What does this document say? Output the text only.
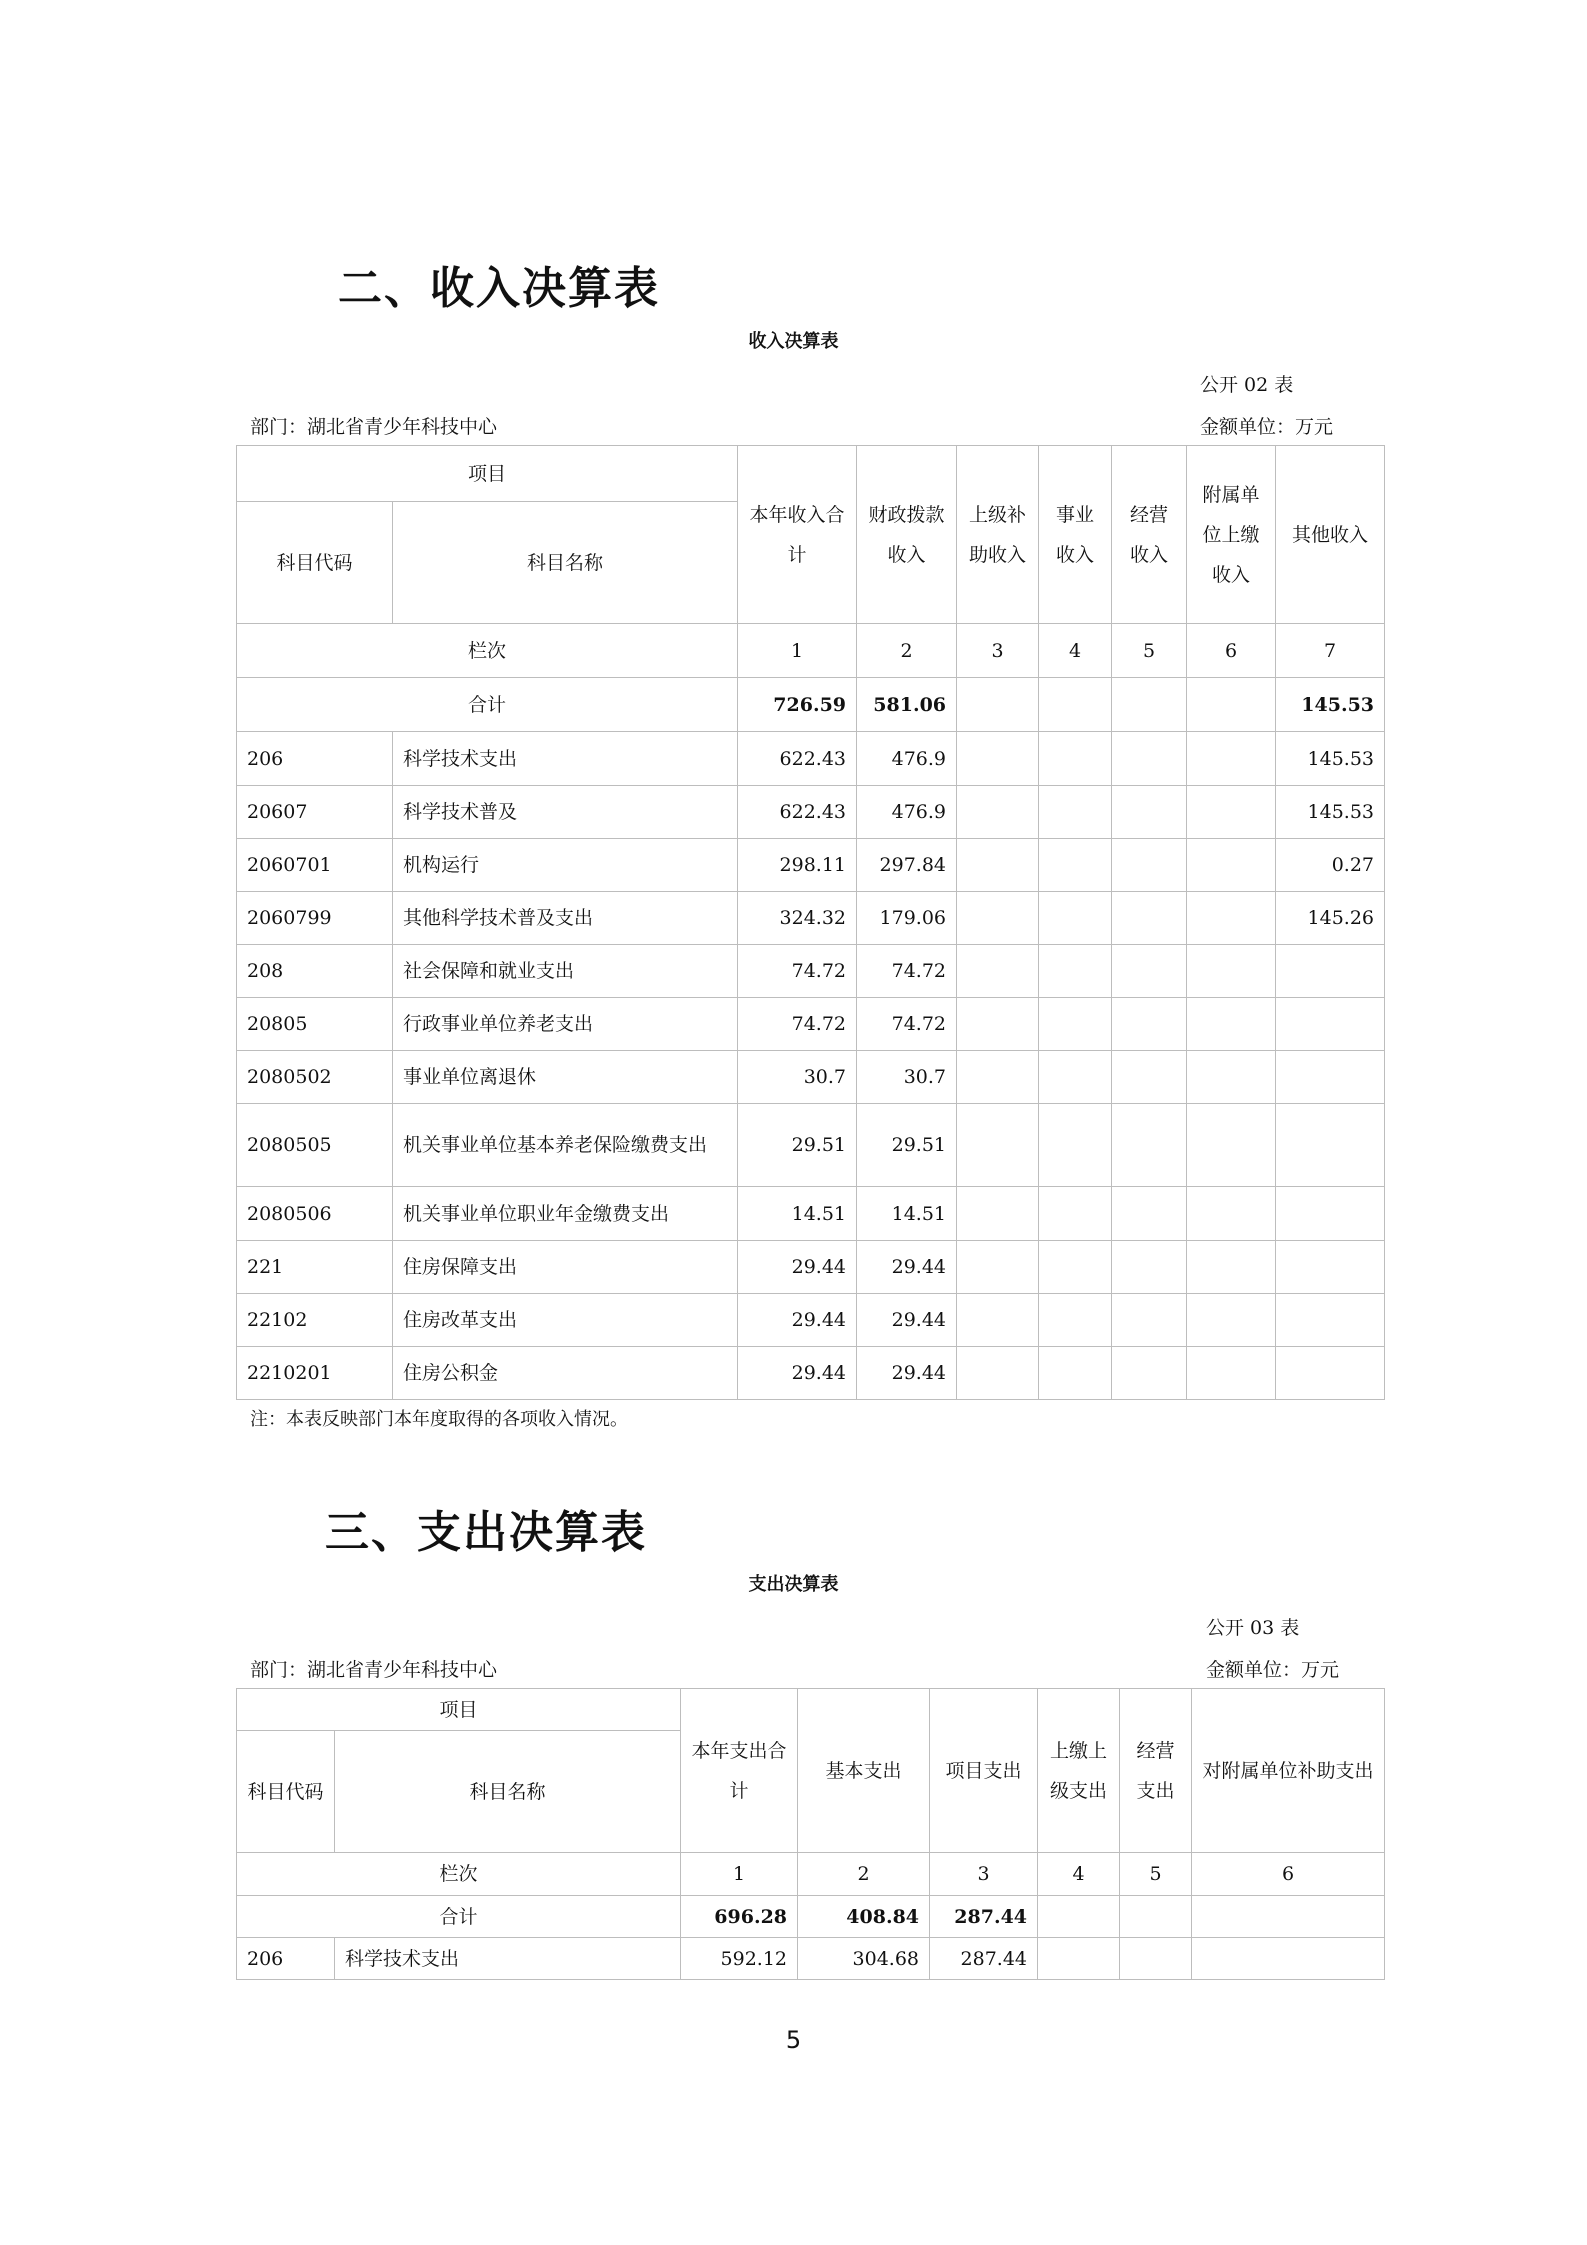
二、收入决算表
收入决算表
公开 02 表
部门：湖北省青少年科技中心	金额单位：万元
项目		本年收入合计	财政拨款收入	上级补助收入	事业收入	经营收入	附属单位上缴收入	其他收入
科目代码	科目名称							
栏次		1	2	3	4	5	6	7
合计		726.59	581.06					145.53
206	科学技术支出	622.43	476.9					145.53
20607	科学技术普及	622.43	476.9					145.53
2060701	机构运行	298.11	297.84					0.27
2060799	其他科学技术普及支出	324.32	179.06					145.26
208	社会保障和就业支出	74.72	74.72					
20805	行政事业单位养老支出	74.72	74.72					
2080502	事业单位离退休	30.7	30.7					
2080505	机关事业单位基本养老保险缴费支出	29.51	29.51					
2080506	机关事业单位职业年金缴费支出	14.51	14.51					
221	住房保障支出	29.44	29.44					
22102	住房改革支出	29.44	29.44					
2210201	住房公积金	29.44	29.44					
注：本表反映部门本年度取得的各项收入情况。
三、支出决算表
支出决算表
公开 03 表
部门：湖北省青少年科技中心	金额单位：万元
项目		本年支出合计	基本支出	项目支出	上缴上级支出	经营支出	对附属单位补助支出
科目代码	科目名称						
栏次		1	2	3	4	5	6
合计		696.28	408.84	287.44			
206	科学技术支出	592.12	304.68	287.44			
5
